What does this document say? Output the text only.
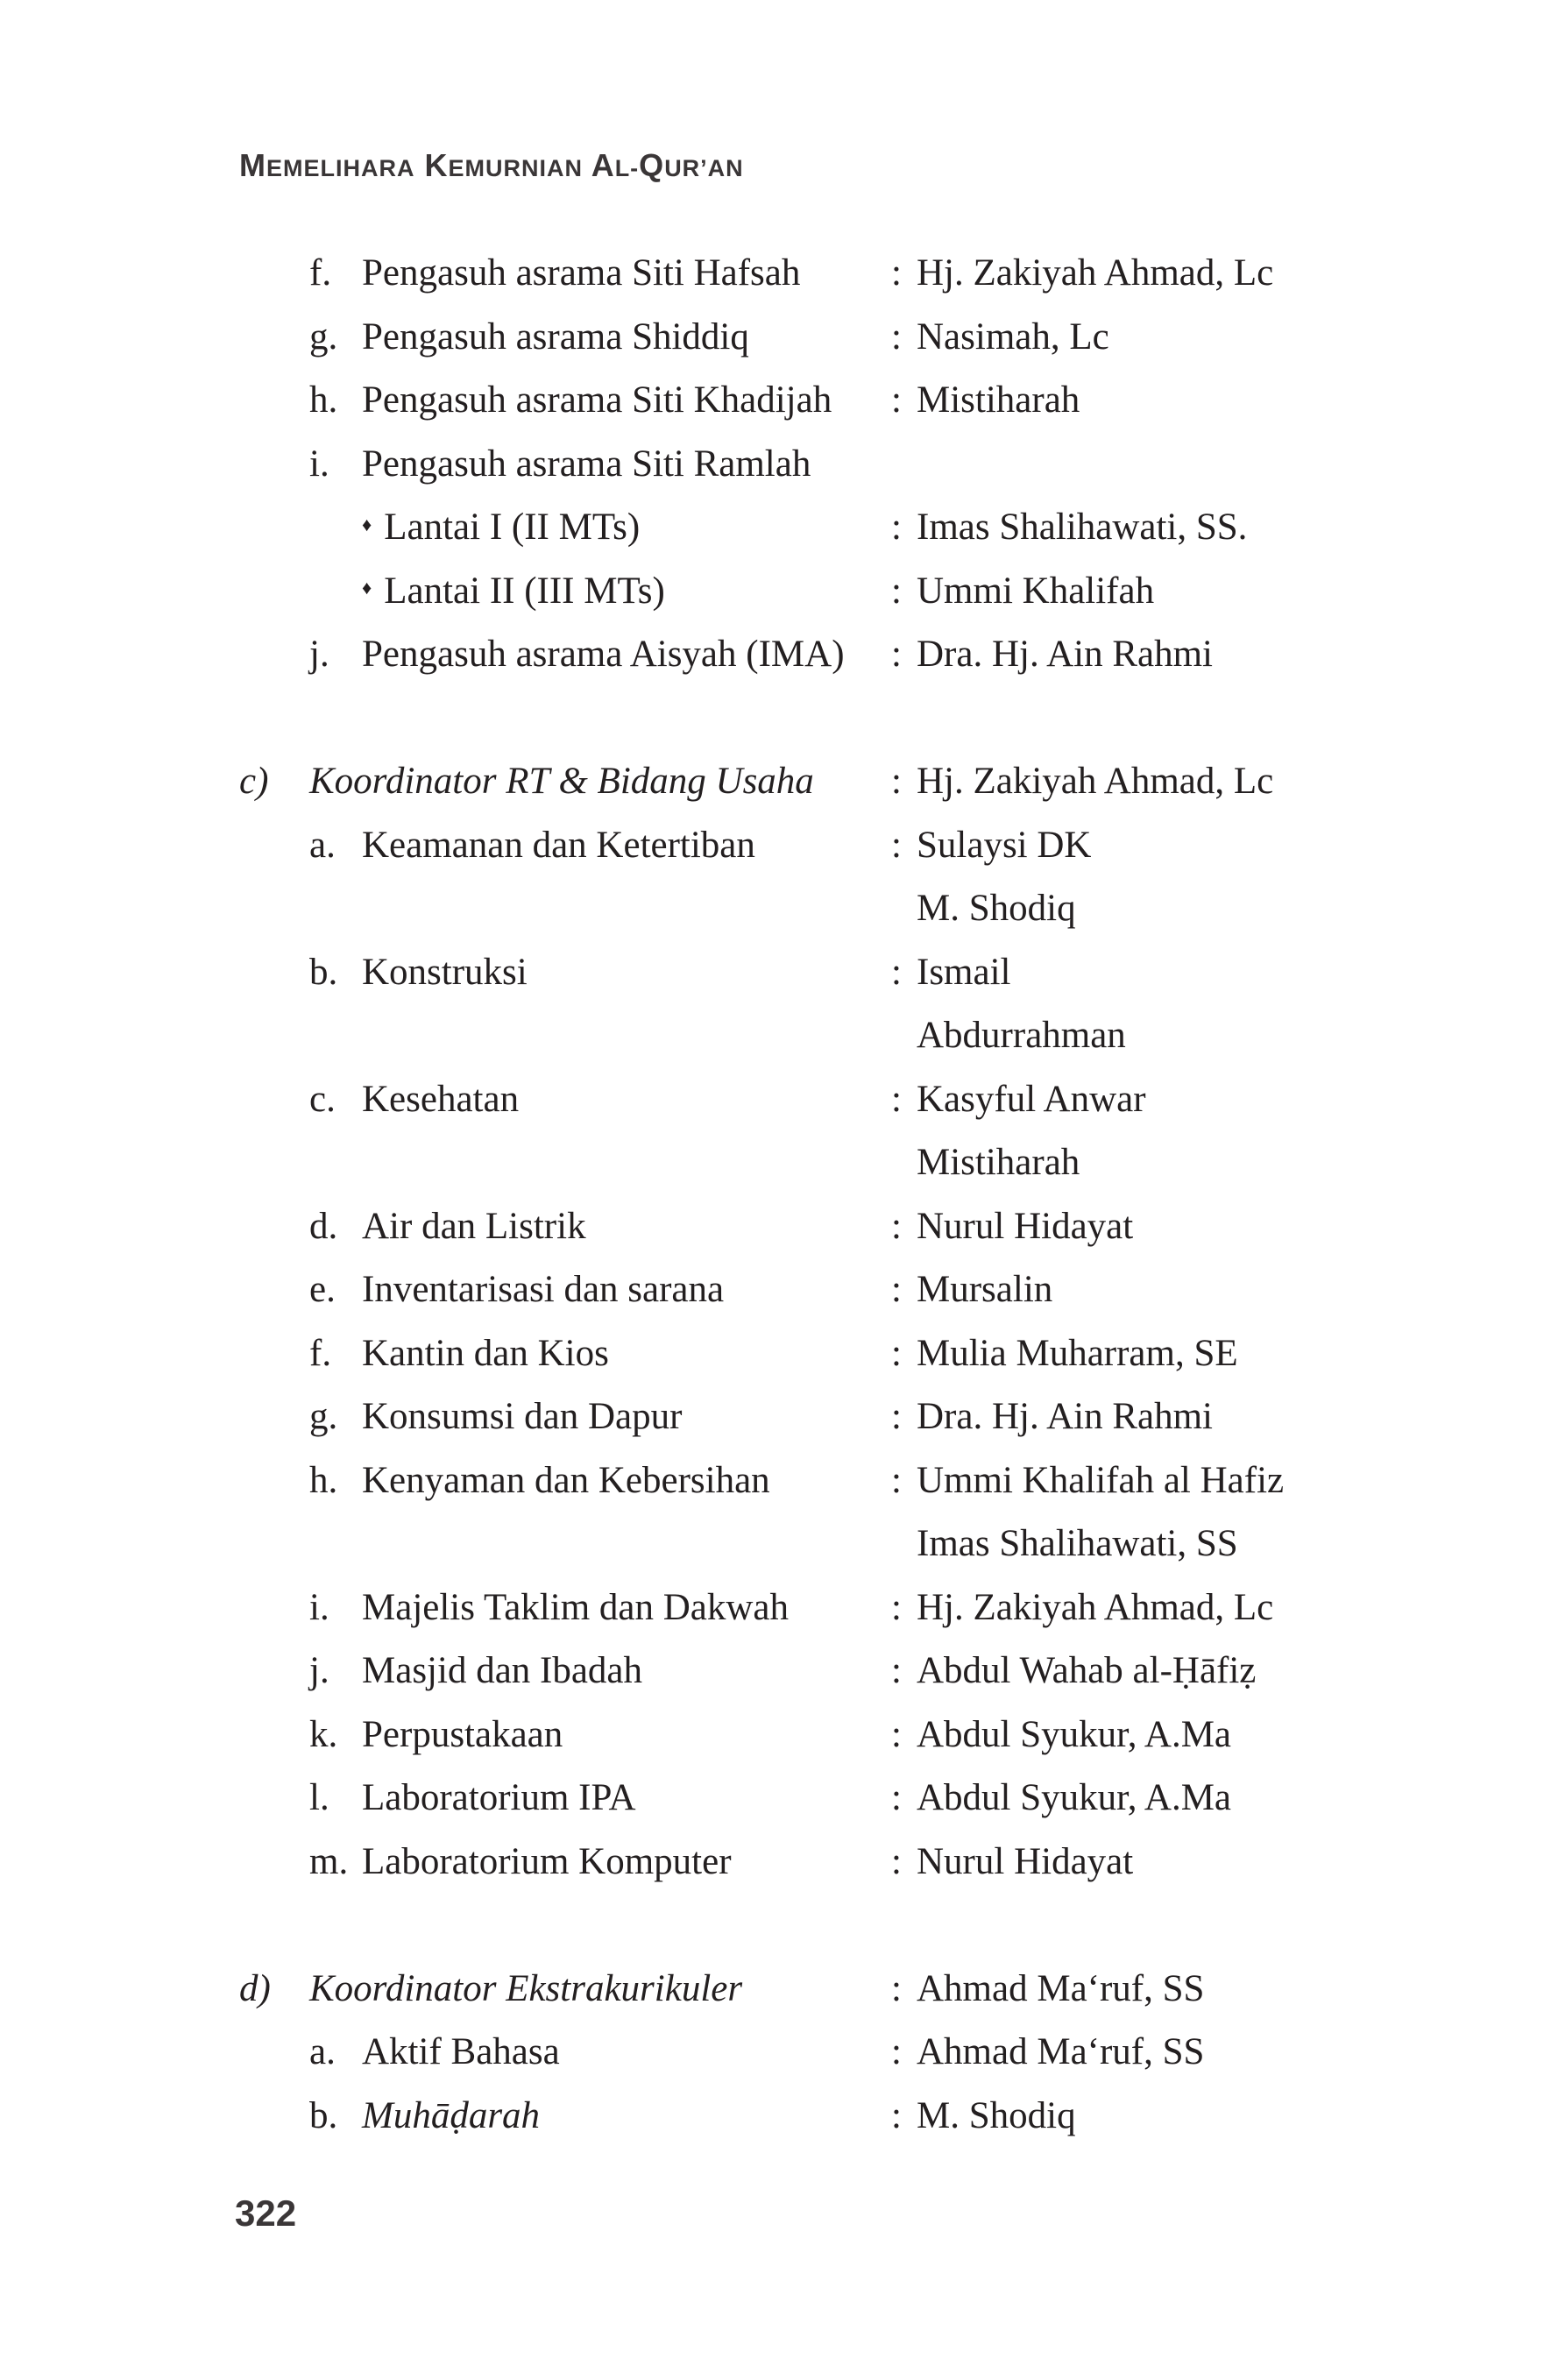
MEMELIHARA KEMURNIAN AL-QUR’AN
f. Pengasuh asrama Siti Hafsah : Hj. Zakiyah Ahmad, Lc
g. Pengasuh asrama Shiddiq	: Nasimah, Lc
h. Pengasuh asrama Siti Khadijah : Mistiharah
i. Pengasuh asrama Siti Ramlah
♦ Lantai I (II MTs)	: Imas Shalihawati, SS.
♦ Lantai II (III MTs)	: Ummi Khalifah
j. Pengasuh asrama Aisyah (IMA) : Dra. Hj. Ain Rahmi
c) Koordinator RT & Bidang Usaha : Hj. Zakiyah Ahmad, Lc
a. Keamanan dan Ketertiban	: Sulaysi DK
M. Shodiq
b. Konstruksi	: Ismail
Abdurrahman
c. Kesehatan	: Kasyful Anwar
Mistiharah
d. Air dan Listrik	: Nurul Hidayat
e. Inventarisasi dan sarana	: Mursalin
f. Kantin dan Kios	: Mulia Muharram, SE
g. Konsumsi dan Dapur	: Dra. Hj. Ain Rahmi
h. Kenyaman dan Kebersihan	: Ummi Khalifah al Hafiz
Imas Shalihawati, SS
i. Majelis Taklim dan Dakwah	: Hj. Zakiyah Ahmad, Lc
j. Masjid dan Ibadah	: Abdul Wahab al-Ḥāfiẓ
k. Perpustakaan	: Abdul Syukur, A.Ma
l. Laboratorium IPA	: Abdul Syukur, A.Ma
m. Laboratorium Komputer	: Nurul Hidayat
d) Koordinator Ekstrakurikuler	: Ahmad Ma‘ruf, SS
a. Aktif Bahasa	: Ahmad Ma‘ruf, SS
b. Muhāḍarah	: M. Shodiq
322
